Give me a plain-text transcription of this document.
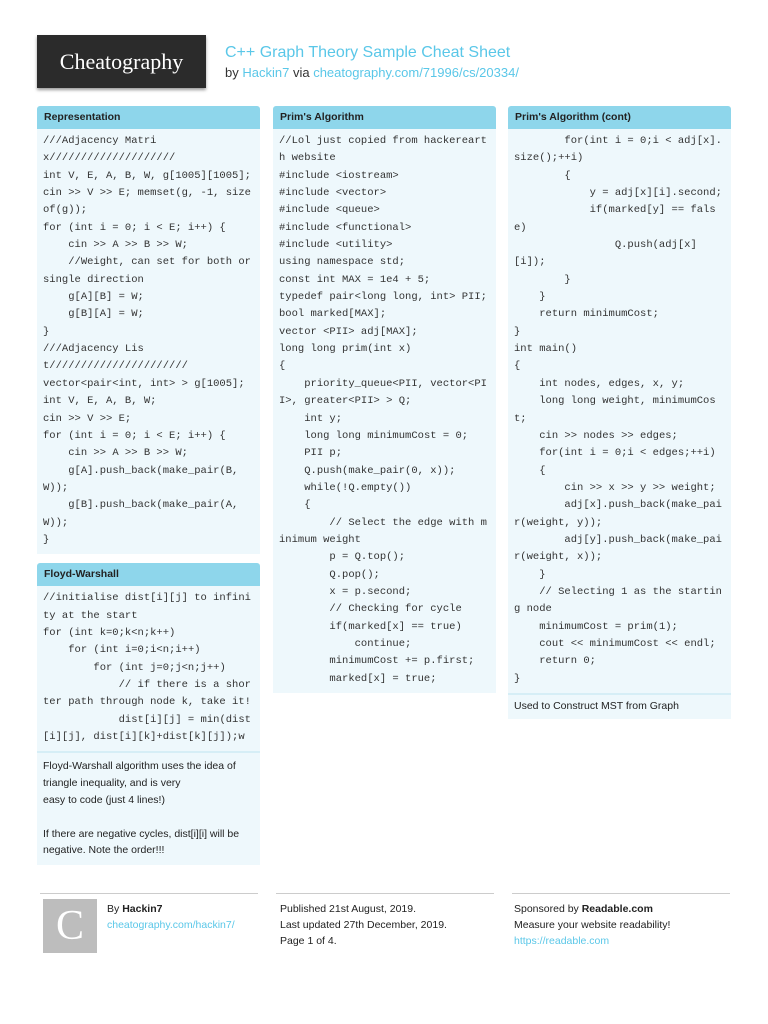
Cheatography	C++ Graph Theory Sample Cheat Sheet
by Hackin7 via cheatography.com/71996/cs/20334/
Representation
///Adjacency Matrix////////////////////
int V, E, A, B, W, g[1005][1005];
cin >> V >> E; memset(g, -1, sizeof(g));
for (int i = 0; i < E; i++) {
cin >> A >> B >> W;
//Weight, can set for both or single direction
g[A][B] = W;
g[B][A] = W;
}
///Adjacency List//////////////////////
vector<pair<int, int> > g[1005];
int V, E, A, B, W;
cin >> V >> E;
for (int i = 0; i < E; i++) {
cin >> A >> B >> W;
g[A].push_back(make_pair(B, W));
g[B].push_back(make_pair(A, W));
}
Floyd-Warshall
//initialise dist[i][j] to infinity at the start
for (int k=0;k<n;k++)
for (int i=0;i<n;i++)
for (int j=0;j<n;j++)
// if there is a shorter path through node k, take it!
dist[i][j] = min(dist[i][j], dist[i][k]+dist[k][j]);w
Floyd-Warshall algorithm uses the idea of triangle inequality, and is very
easy to code (just 4 lines!)

If there are negative cycles, dist[i][i] will be negative. Note the order!!!
Prim's Algorithm
//Lol just copied from hackerearth website
#include <iostream>
#include <vector>
#include <queue>
#include <functional>
#include <utility>
using namespace std;
const int MAX = 1e4 + 5;
typedef pair<long long, int> PII;
bool marked[MAX];
vector <PII> adj[MAX];
long long prim(int x)
{
priority_queue<PII, vector<PII>, greater<PII> > Q;
int y;
long long minimumCost = 0;
PII p;
Q.push(make_pair(0, x));
while(!Q.empty())
{
// Select the edge with minimum weight
p = Q.top();
Q.pop();
x = p.second;
// Checking for cycle
if(marked[x] == true)
continue;
minimumCost += p.first;
marked[x] = true;
Prim's Algorithm (cont)
for(int i = 0;i < adj[x].size();++i)
{
y = adj[x][i].second;
if(marked[y] == false)
Q.push(adj[x][i]);
}
}
return minimumCost;
}
int main()
{
int nodes, edges, x, y;
long long weight, minimumCost;
cin >> nodes >> edges;
for(int i = 0;i < edges;++i)
{
cin >> x >> y >> weight;
adj[x].push_back(make_pair(weight, y));
adj[y].push_back(make_pair(weight, x));
}
// Selecting 1 as the starting node
minimumCost = prim(1);
cout << minimumCost << endl;
return 0;
}
Used to Construct MST from Graph
C	By Hackin7
cheatography.com/hackin7/
Published 21st August, 2019.
Last updated 27th December, 2019.
Page 1 of 4.
Sponsored by Readable.com
Measure your website readability!
https://readable.com
